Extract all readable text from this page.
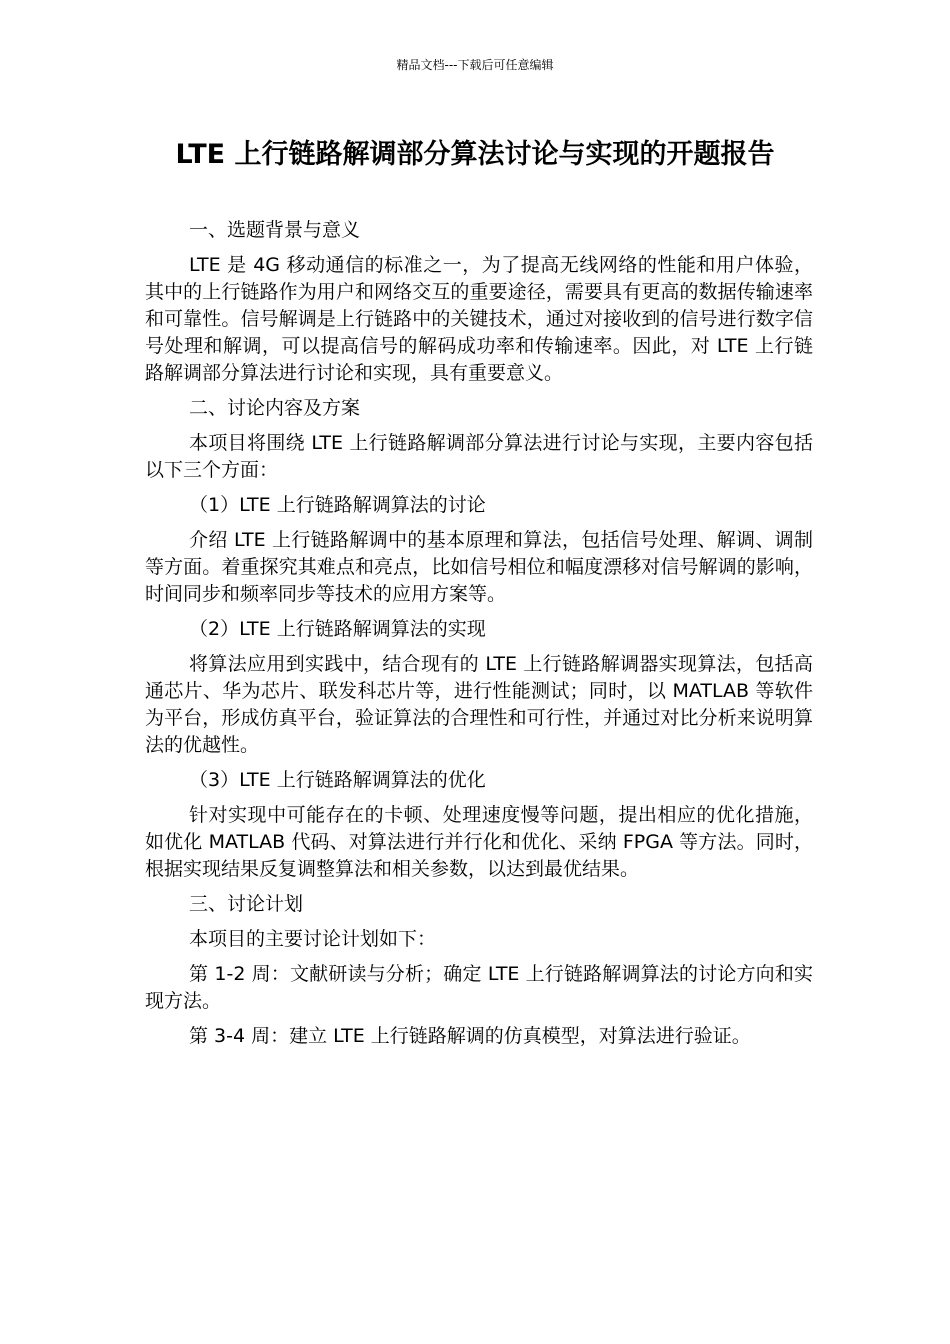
精品文档---下载后可任意编辑
LTE 上行链路解调部分算法讨论与实现的开题报告

一、选题背景与意义

LTE 是 4G 移动通信的标准之一，为了提高无线网络的性能和用户体验，其中的上行链路作为用户和网络交互的重要途径，需要具有更高的数据传输速率和可靠性。信号解调是上行链路中的关键技术，通过对接收到的信号进行数字信号处理和解调，可以提高信号的解码成功率和传输速率。因此，对 LTE 上行链路解调部分算法进行讨论和实现，具有重要意义。

二、讨论内容及方案

本项目将围绕 LTE 上行链路解调部分算法进行讨论与实现，主要内容包括以下三个方面：

（1）LTE 上行链路解调算法的讨论

介绍 LTE 上行链路解调中的基本原理和算法，包括信号处理、解调、调制等方面。着重探究其难点和亮点，比如信号相位和幅度漂移对信号解调的影响，时间同步和频率同步等技术的应用方案等。

（2）LTE 上行链路解调算法的实现

将算法应用到实践中，结合现有的 LTE 上行链路解调器实现算法，包括高通芯片、华为芯片、联发科芯片等，进行性能测试；同时，以 MATLAB 等软件为平台，形成仿真平台，验证算法的合理性和可行性，并通过对比分析来说明算法的优越性。

（3）LTE 上行链路解调算法的优化

针对实现中可能存在的卡顿、处理速度慢等问题，提出相应的优化措施，如优化 MATLAB 代码、对算法进行并行化和优化、采纳 FPGA 等方法。同时，根据实现结果反复调整算法和相关参数，以达到最优结果。

三、讨论计划

本项目的主要讨论计划如下：

第 1-2 周：文献研读与分析；确定 LTE 上行链路解调算法的讨论方向和实现方法。

第 3-4 周：建立 LTE 上行链路解调的仿真模型，对算法进行验证。
